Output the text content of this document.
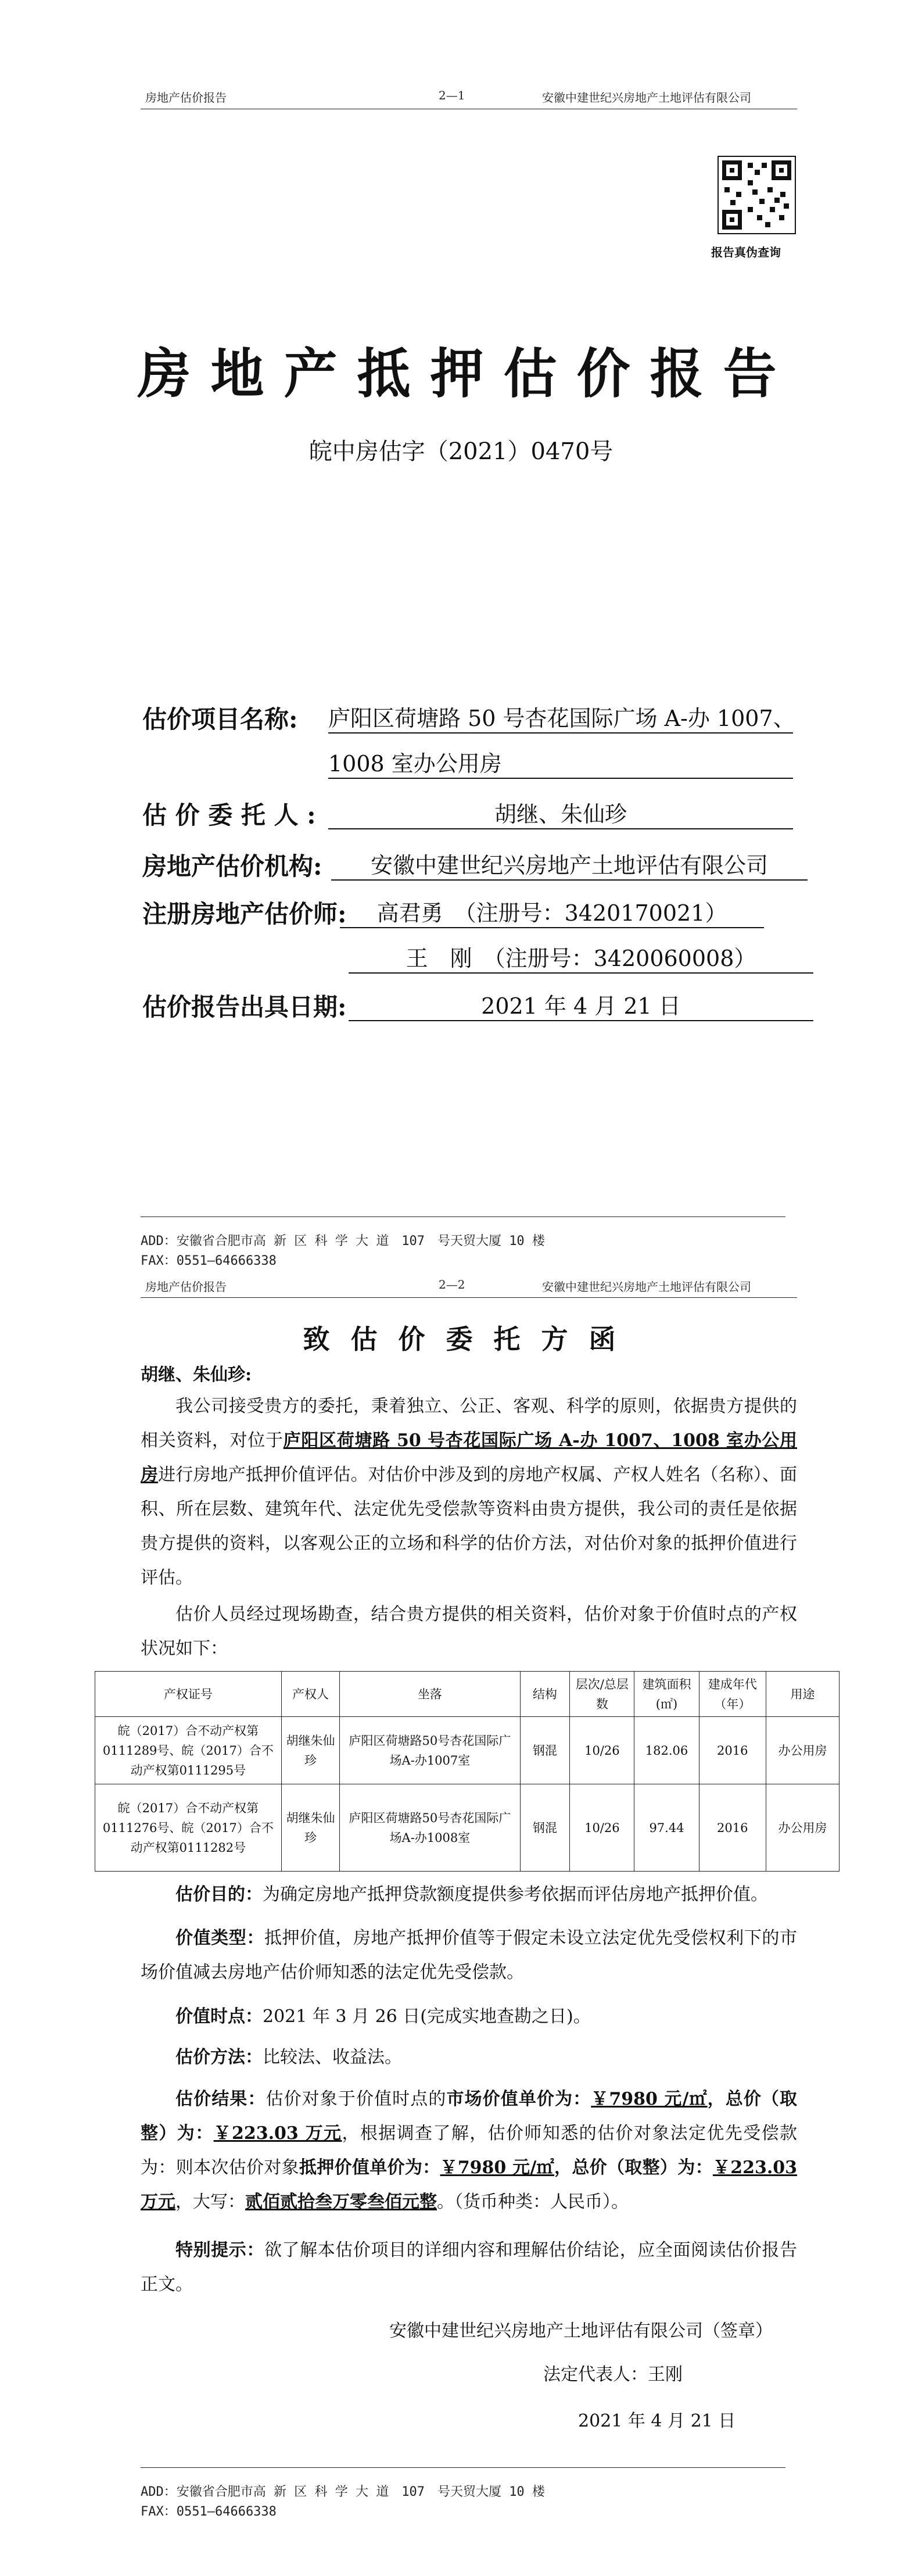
房地产估价报告	2—1	安徽中建世纪兴房地产土地评估有限公司
报告真伪查询
房地产抵押估价报告
皖中房估字（2021）0470号
估价项目名称: 庐阳区荷塘路 50 号杏花国际广场 A-办 1007、
1008 室办公用房
估 价 委 托 人 :	胡继、朱仙珍
房地产估价机构:	安徽中建世纪兴房地产土地评估有限公司
注册房地产估价师:	高君勇　（注册号：3420170021）
王　刚　（注册号：3420060008）
估价报告出具日期:	2021 年 4 月 21 日
ADD：安徽省合肥市高 新 区 科 学 大 道　107　号天贸大厦 10 楼
FAX：0551—64666338
房地产估价报告	2—2	安徽中建世纪兴房地产土地评估有限公司
致估价委托方函
胡继、朱仙珍:
我公司接受贵方的委托，秉着独立、公正、客观、科学的原则，依据贵方提供的相关资料，对位于庐阳区荷塘路 50 号杏花国际广场 A-办 1007、1008 室办公用房进行房地产抵押价值评估。对估价中涉及到的房地产权属、产权人姓名（名称）、面积、所在层数、建筑年代、法定优先受偿款等资料由贵方提供，我公司的责任是依据贵方提供的资料，以客观公正的立场和科学的估价方法，对估价对象的抵押价值进行评估。
估价人员经过现场勘查，结合贵方提供的相关资料，估价对象于价值时点的产权状况如下：
产权证号	产权人	坐落	结构	层次/总层数	建筑面积(㎡)	建成年代（年）	用途
皖（2017）合不动产权第0111289号、皖（2017）合不动产权第0111295号	胡继朱仙珍	庐阳区荷塘路50号杏花国际广场A-办1007室	钢混	10/26	182.06	2016	办公用房
皖（2017）合不动产权第0111276号、皖（2017）合不动产权第0111282号	胡继朱仙珍	庐阳区荷塘路50号杏花国际广场A-办1008室	钢混	10/26	97.44	2016	办公用房
估价目的：为确定房地产抵押贷款额度提供参考依据而评估房地产抵押价值。
价值类型：抵押价值，房地产抵押价值等于假定未设立法定优先受偿权利下的市场价值减去房地产估价师知悉的法定优先受偿款。
价值时点：2021 年 3 月 26 日(完成实地查勘之日)。
估价方法：比较法、收益法。
估价结果：估价对象于价值时点的市场价值单价为：￥7980 元/㎡，总价（取整）为：￥223.03 万元，根据调查了解，估价师知悉的估价对象法定优先受偿款为：则本次估价对象抵押价值单价为：￥7980 元/㎡，总价（取整）为：￥223.03 万元，大写：贰佰贰拾叁万零叁佰元整。（货币种类：人民币）。
特别提示：欲了解本估价项目的详细内容和理解估价结论，应全面阅读估价报告正文。
安徽中建世纪兴房地产土地评估有限公司（签章）
法定代表人：王刚
2021 年 4 月 21 日
ADD：安徽省合肥市高 新 区 科 学 大 道　107　号天贸大厦 10 楼
FAX：0551—64666338
